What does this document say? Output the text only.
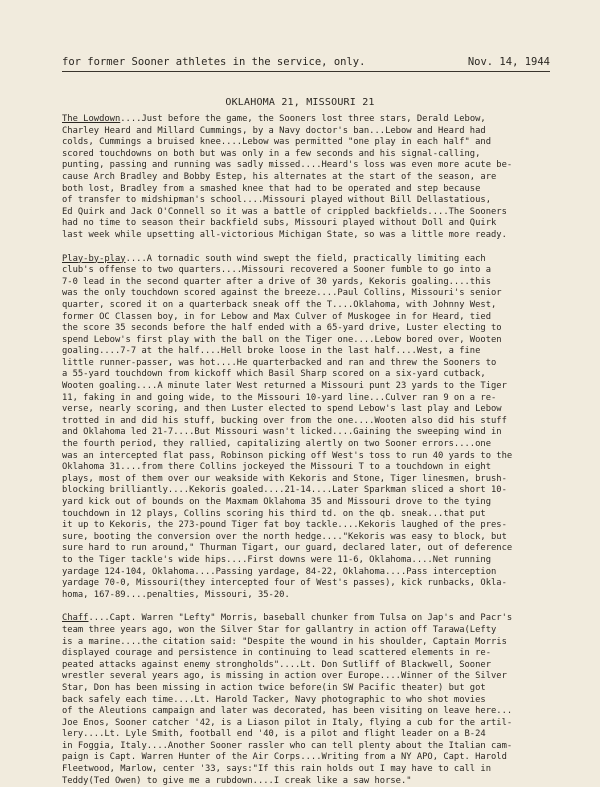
for former Sooner athletes in the service, only.	Nov. 14, 1944
OKLAHOMA 21, MISSOURI 21
The Lowdown....Just before the game, the Sooners lost three stars, Derald Lebow,
Charley Heard and Millard Cummings, by a Navy doctor's ban...Lebow and Heard had
colds, Cummings a bruised knee....Lebow was permitted "one play in each half" and
scored touchdowns on both but was only in a few seconds and his signal-calling,
punting, passing and running was sadly missed....Heard's loss was even more acute be-
cause Arch Bradley and Bobby Estep, his alternates at the start of the season, are
both lost, Bradley from a smashed knee that had to be operated and step because
of transfer to midshipman's school....Missouri played without Bill Dellastatious,
Ed Quirk and Jack O'Connell so it was a battle of crippled backfields....The Sooners
had no time to season their backfield subs, Missouri played without Doll and Quirk
last week while upsetting all-victorious Michigan State, so was a little more ready.
Play-by-play....A tornadic south wind swept the field, practically limiting each
club's offense to two quarters....Missouri recovered a Sooner fumble to go into a
7-0 lead in the second quarter after a drive of 30 yards, Kekoris goaling....this
was the only touchdown scored against the breeze....Paul Collins, Missouri's senior
quarter, scored it on a quarterback sneak off the T....Oklahoma, with Johnny West,
former OC Classen boy, in for Lebow and Max Culver of Muskogee in for Heard, tied
the score 35 seconds before the half ended with a 65-yard drive, Luster electing to
spend Lebow's first play with the ball on the Tiger one....Lebow bored over, Wooten
goaling....7-7 at the half....Hell broke loose in the last half....West, a fine
little runner-passer, was hot....He quarterbacked and ran and threw the Sooners to
a 55-yard touchdown from kickoff which Basil Sharp scored on a six-yard cutback,
Wooten goaling....A minute later West returned a Missouri punt 23 yards to the Tiger
11, faking in and going wide, to the Missouri 10-yard line...Culver ran 9 on a re-
verse, nearly scoring, and then Luster elected to spend Lebow's last play and Lebow
trotted in and did his stuff, bucking over from the one....Wooten also did his stuff
and Oklahoma led 21-7....But Missouri wasn't licked....Gaining the sweeping wind in
the fourth period, they rallied, capitalizing alertly on two Sooner errors....one
was an intercepted flat pass, Robinson picking off West's toss to run 40 yards to the
Oklahoma 31....from there Collins jockeyed the Missouri T to a touchdown in eight
plays, most of them over our weakside with Kekoris and Stone, Tiger linesmen, brush-
blocking brilliantly....Kekoris goaled....21-14....Later Sparkman sliced a short 10-
yard kick out of bounds on the Maxmam Oklahoma 35 and Missouri drove to the tying
touchdown in 12 plays, Collins scoring his third td. on the qb. sneak...that put
it up to Kekoris, the 273-pound Tiger fat boy tackle....Kekoris laughed of the pres-
sure, booting the conversion over the north hedge...."Kekoris was easy to block, but
sure hard to run around," Thurman Tigart, our guard, declared later, out of deference
to the Tiger tackle's wide hips....First downs were 11-6, Oklahoma....Net running
yardage 124-104, Oklahoma....Passing yardage, 84-22, Oklahoma....Pass interception
yardage 70-0, Missouri(they intercepted four of West's passes), kick runbacks, Okla-
homa, 167-89....penalties, Missouri, 35-20.
Chaff....Capt. Warren "Lefty" Morris, baseball chunker from Tulsa on Jap's and Pacr's
team three years ago, won the Silver Star for gallantry in action off Tarawa(Lefty
is a marine....the citation said: "Despite the wound in his shoulder, Captain Morris
displayed courage and persistence in continuing to lead scattered elements in re-
peated attacks against enemy strongholds"....Lt. Don Sutliff of Blackwell, Sooner
wrestler several years ago, is missing in action over Europe....Winner of the Silver
Star, Don has been missing in action twice before(in SW Pacific theater) but got
back safely each time....Lt. Harold Tacker, Navy photographic to who shot movies
of the Aleutions campaign and later was decorated, has been visiting on leave here...
Joe Enos, Sooner catcher '42, is a Liason pilot in Italy, flying a cub for the artil-
lery....Lt. Lyle Smith, football end '40, is a pilot and flight leader on a B-24
in Foggia, Italy....Another Sooner rassler who can tell plenty about the Italian cam-
paign is Capt. Warren Hunter of the Air Corps....Writing from a NY APO, Capt. Harold
Fleetwood, Marlow, center '33, says:"If this rain holds out I may have to call in
Teddy(Ted Owen) to give me a rubdown....I creak like a saw horse."
